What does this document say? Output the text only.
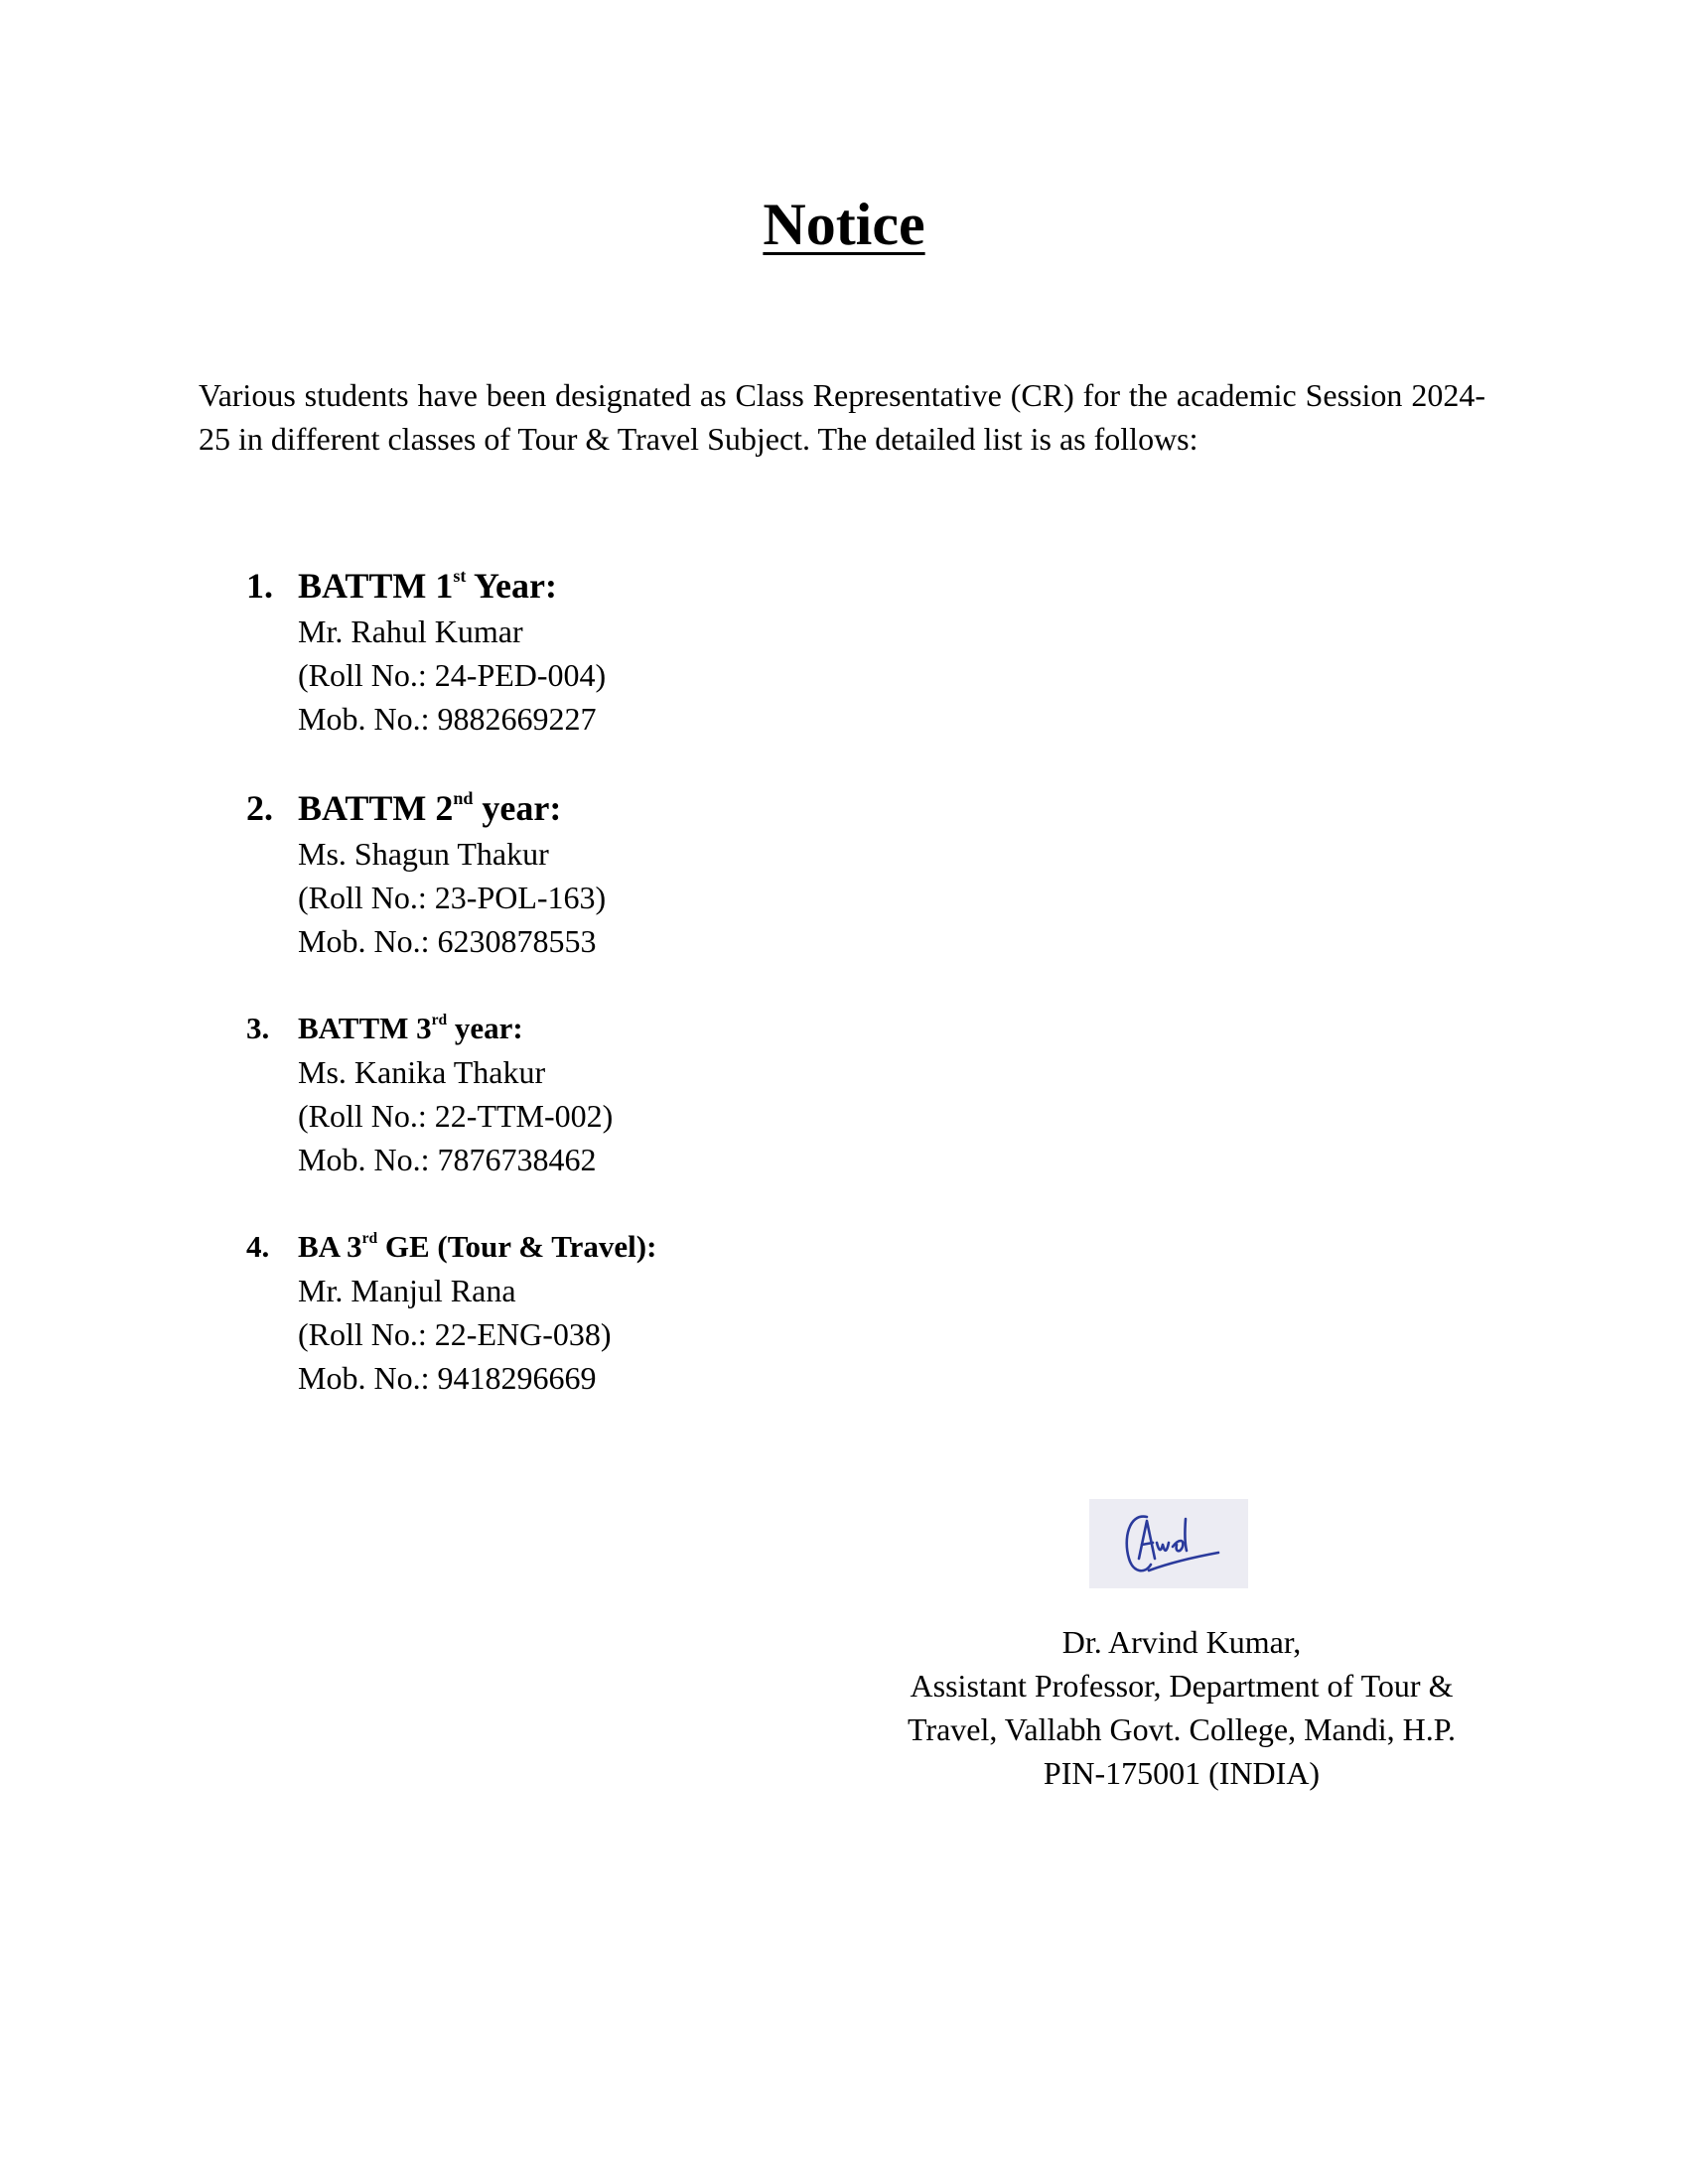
Notice

Various students have been designated as Class Representative (CR) for the academic Session 2024-25 in different classes of Tour & Travel Subject. The detailed list is as follows:

1. BATTM 1st Year:
Mr. Rahul Kumar
(Roll No.: 24-PED-004)
Mob. No.: 9882669227
2. BATTM 2nd year:
Ms. Shagun Thakur
(Roll No.: 23-POL-163)
Mob. No.: 6230878553
3. BATTM 3rd year:
Ms. Kanika Thakur
(Roll No.: 22-TTM-002)
Mob. No.: 7876738462
4. BA 3rd GE (Tour & Travel):
Mr. Manjul Rana
(Roll No.: 22-ENG-038)
Mob. No.: 9418296669
Dr. Arvind Kumar,
Assistant Professor, Department of Tour &
Travel, Vallabh Govt. College, Mandi, H.P.
PIN-175001 (INDIA)
